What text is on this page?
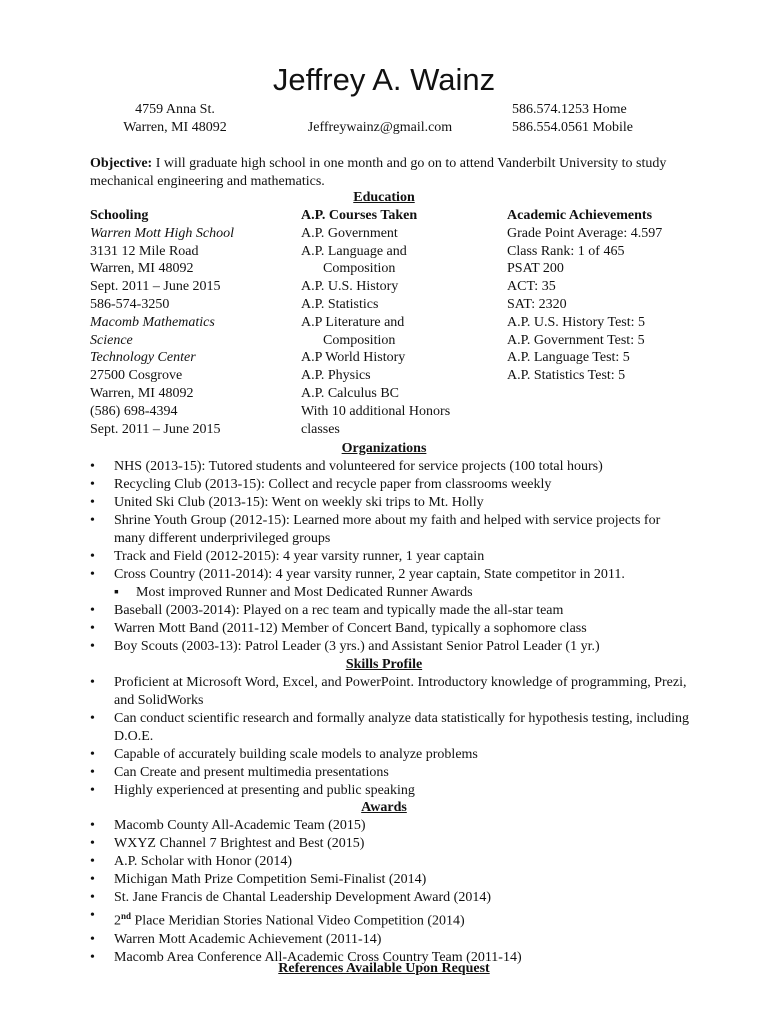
Jeffrey A. Wainz
4759 Anna St.
Warren, MI 48092	Jeffreywainz@gmail.com
586.574.1253 Home
586.554.0561 Mobile
Objective: I will graduate high school in one month and go on to attend Vanderbilt University to study mechanical engineering and mathematics.
Education
Schooling
Warren Mott High School
3131 12 Mile Road
Warren, MI 48092
Sept. 2011 – June 2015
586-574-3250
Macomb Mathematics
Science
Technology Center
27500 Cosgrove
Warren, MI 48092
(586) 698-4394
Sept. 2011 – June 2015
A.P. Courses Taken
A.P. Government
A.P. Language and
Composition
A.P. U.S. History
A.P. Statistics
A.P Literature and
Composition
A.P World History
A.P. Physics
A.P. Calculus BC
With 10 additional Honors
classes
Academic Achievements
Grade Point Average: 4.597
Class Rank: 1 of 465
PSAT 200
ACT: 35
SAT: 2320
A.P. U.S. History Test: 5
A.P. Government Test: 5
A.P. Language Test: 5
A.P. Statistics Test: 5
Organizations
• NHS (2013-15): Tutored students and volunteered for service projects (100 total hours)
• Recycling Club (2013-15): Collect and recycle paper from classrooms weekly
• United Ski Club (2013-15): Went on weekly ski trips to Mt. Holly
• Shrine Youth Group (2012-15): Learned more about my faith and helped with service projects for many different underprivileged groups
• Track and Field (2012-2015): 4 year varsity runner, 1 year captain
• Cross Country (2011-2014): 4 year varsity runner, 2 year captain, State competitor in 2011.
▪ Most improved Runner and Most Dedicated Runner Awards
• Baseball (2003-2014): Played on a rec team and typically made the all-star team
• Warren Mott Band (2011-12) Member of Concert Band, typically a sophomore class
• Boy Scouts (2003-13): Patrol Leader (3 yrs.) and Assistant Senior Patrol Leader (1 yr.)
Skills Profile
• Proficient at Microsoft Word, Excel, and PowerPoint. Introductory knowledge of programming, Prezi, and SolidWorks
• Can conduct scientific research and formally analyze data statistically for hypothesis testing, including D.O.E.
• Capable of accurately building scale models to analyze problems
• Can Create and present multimedia presentations
• Highly experienced at presenting and public speaking
Awards
• Macomb County All-Academic Team (2015)
• WXYZ Channel 7 Brightest and Best (2015)
• A.P. Scholar with Honor (2014)
• Michigan Math Prize Competition Semi-Finalist (2014)
• St. Jane Francis de Chantal Leadership Development Award (2014)
• 2nd Place Meridian Stories National Video Competition (2014)
• Warren Mott Academic Achievement (2011-14)
• Macomb Area Conference All-Academic Cross Country Team (2011-14)
References Available Upon Request
